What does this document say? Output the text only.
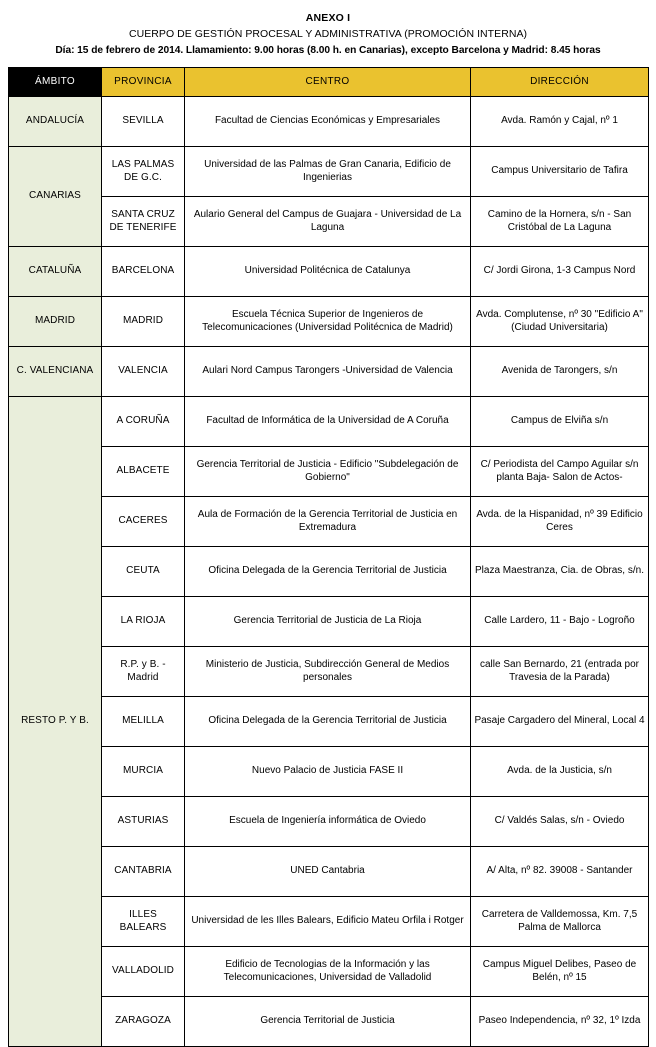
ANEXO I
CUERPO DE GESTIÓN PROCESAL Y ADMINISTRATIVA (PROMOCIÓN INTERNA)
Día: 15 de febrero de 2014. Llamamiento: 9.00 horas (8.00 h. en Canarias), excepto Barcelona y Madrid: 8.45 horas
ÁMBITO	PROVINCIA	CENTRO	DIRECCIÓN
ANDALUCÍA	SEVILLA	Facultad de Ciencias Económicas y Empresariales	Avda. Ramón y Cajal, nº 1
CANARIAS	LAS PALMAS DE G.C.	Universidad de las Palmas de Gran Canaria, Edificio de Ingenierias	Campus Universitario de Tafira
	SANTA CRUZ DE TENERIFE	Aulario General del Campus de Guajara - Universidad de La Laguna	Camino de la Hornera, s/n - San Cristóbal de La Laguna
CATALUÑA	BARCELONA	Universidad Politécnica de Catalunya	C/ Jordi Girona, 1-3 Campus Nord
MADRID	MADRID	Escuela Técnica Superior de Ingenieros de Telecomunicaciones (Universidad Politécnica de Madrid)	Avda. Complutense, nº 30 "Edificio A" (Ciudad Universitaria)
C. VALENCIANA	VALENCIA	Aulari Nord Campus Tarongers -Universidad de Valencia	Avenida de Tarongers, s/n
RESTO P. Y B.	A CORUÑA	Facultad de Informática de la Universidad de A Coruña	Campus de Elviña s/n
	ALBACETE	Gerencia Territorial de Justicia - Edificio "Subdelegación de Gobierno"	C/ Periodista del Campo Aguilar s/n planta Baja- Salon de Actos-
	CACERES	Aula de Formación de la Gerencia Territorial de Justicia en Extremadura	Avda. de la Hispanidad, nº 39 Edificio Ceres
	CEUTA	Oficina Delegada de la Gerencia Territorial de Justicia	Plaza Maestranza, Cia. de Obras, s/n.
	LA RIOJA	Gerencia Territorial de Justicia de La Rioja	Calle Lardero, 11 - Bajo - Logroño
	R.P. y B. - Madrid	Ministerio de Justicia, Subdirección General de Medios personales	calle San Bernardo, 21 (entrada por Travesia de la Parada)
	MELILLA	Oficina Delegada de la Gerencia Territorial de Justicia	Pasaje Cargadero del Mineral, Local 4
	MURCIA	Nuevo Palacio de Justicia FASE II	Avda. de la Justicia, s/n
	ASTURIAS	Escuela de Ingeniería informática de Oviedo	C/ Valdés Salas, s/n - Oviedo
	CANTABRIA	UNED Cantabria	A/ Alta, nº 82. 39008 - Santander
	ILLES BALEARS	Universidad de les Illes Balears, Edificio Mateu Orfila i Rotger	Carretera de Valldemossa, Km. 7,5 Palma de Mallorca
	VALLADOLID	Edificio de Tecnologias de la Información y las Telecomunicaciones, Universidad de Valladolid	Campus Miguel Delibes, Paseo de Belén, nº 15
	ZARAGOZA	Gerencia Territorial de Justicia	Paseo Independencia, nº 32, 1º Izda
